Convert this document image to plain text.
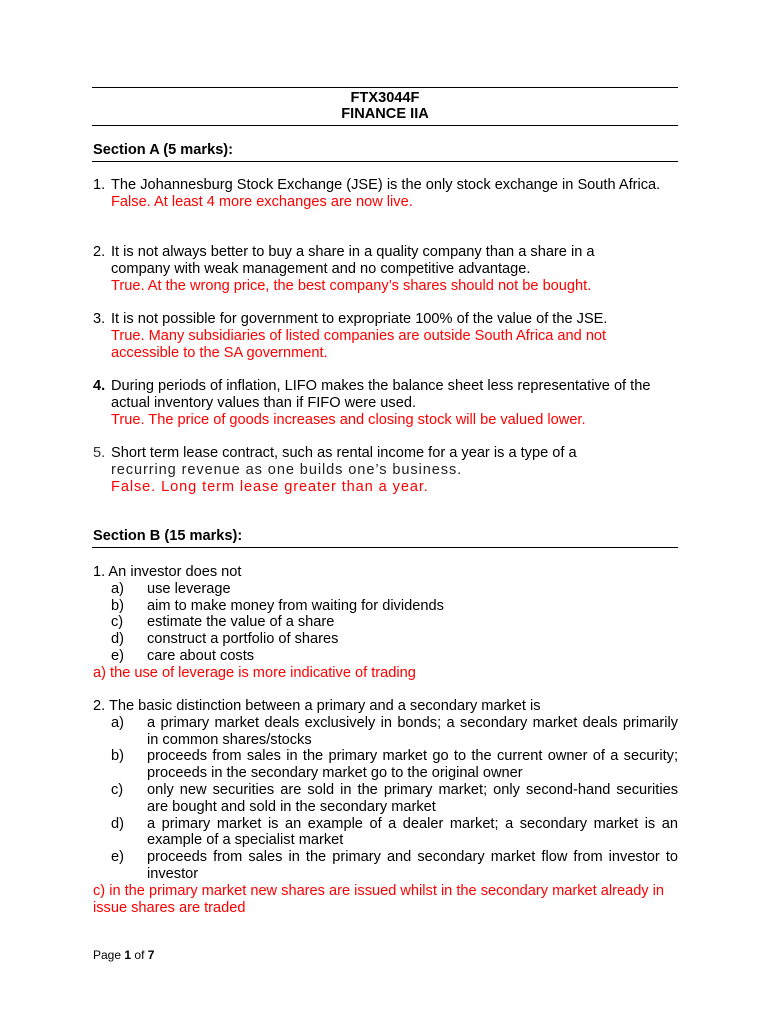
FTX3044F
FINANCE IIA
Section A (5 marks):
1. The Johannesburg Stock Exchange (JSE) is the only stock exchange in South Africa.
False. At least 4 more exchanges are now live.
2. It is not always better to buy a share in a quality company than a share in a company with weak management and no competitive advantage.
True. At the wrong price, the best company’s shares should not be bought.
3. It is not possible for government to expropriate 100% of the value of the JSE.
True. Many subsidiaries of listed companies are outside South Africa and not accessible to the SA government.
4. During periods of inflation, LIFO makes the balance sheet less representative of the actual inventory values than if FIFO were used.
True. The price of goods increases and closing stock will be valued lower.
5. Short term lease contract, such as rental income for a year is a type of a
recurring revenue as one builds one’s business.
False. Long term lease greater than a year.
Section B (15 marks):
1. An investor does not
a)	use leverage
b)	aim to make money from waiting for dividends
c)	estimate the value of a share
d)	construct a portfolio of shares
e)	care about costs
a) the use of leverage is more indicative of trading
2. The basic distinction between a primary and a secondary market is
a)	a primary market deals exclusively in bonds; a secondary market deals primarily in common shares/stocks
b)	proceeds from sales in the primary market go to the current owner of a security; proceeds in the secondary market go to the original owner
c)	only new securities are sold in the primary market; only second-hand securities are bought and sold in the secondary market
d)	a primary market is an example of a dealer market; a secondary market is an example of a specialist market
e)	proceeds from sales in the primary and secondary market flow from investor to investor
c) in the primary market new shares are issued whilst in the secondary market already in issue shares are traded
Page 1 of 7
